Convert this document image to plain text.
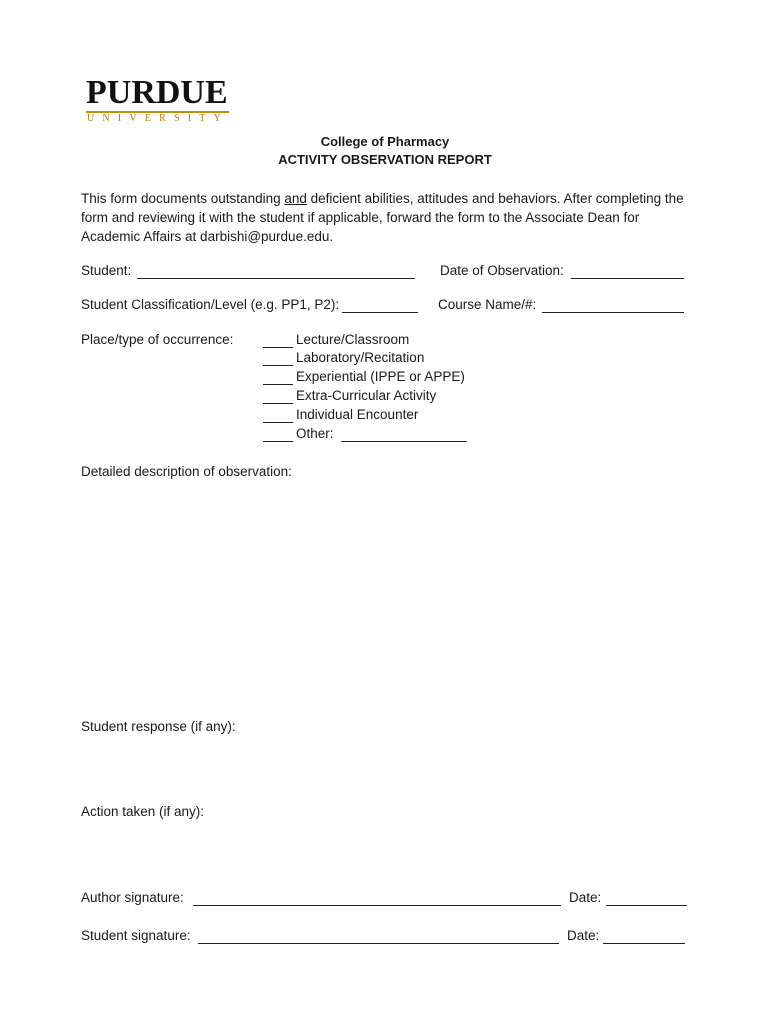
PURDUE
UNIVERSITY
College of Pharmacy
ACTIVITY OBSERVATION REPORT
This form documents outstanding and deficient abilities, attitudes and behaviors. After completing the form and reviewing it with the student if applicable, forward the form to the Associate Dean for Academic Affairs at darbishi@purdue.edu.
Student:	Date of Observation:
Student Classification/Level (e.g. PP1, P2):	Course Name/#:
Place/type of occurrence:	Lecture/Classroom
Laboratory/Recitation
Experiential (IPPE or APPE)
Extra-Curricular Activity
Individual Encounter
Other:
Detailed description of observation:
Student response (if any):
Action taken (if any):
Author signature:	Date:
Student signature:	Date:
